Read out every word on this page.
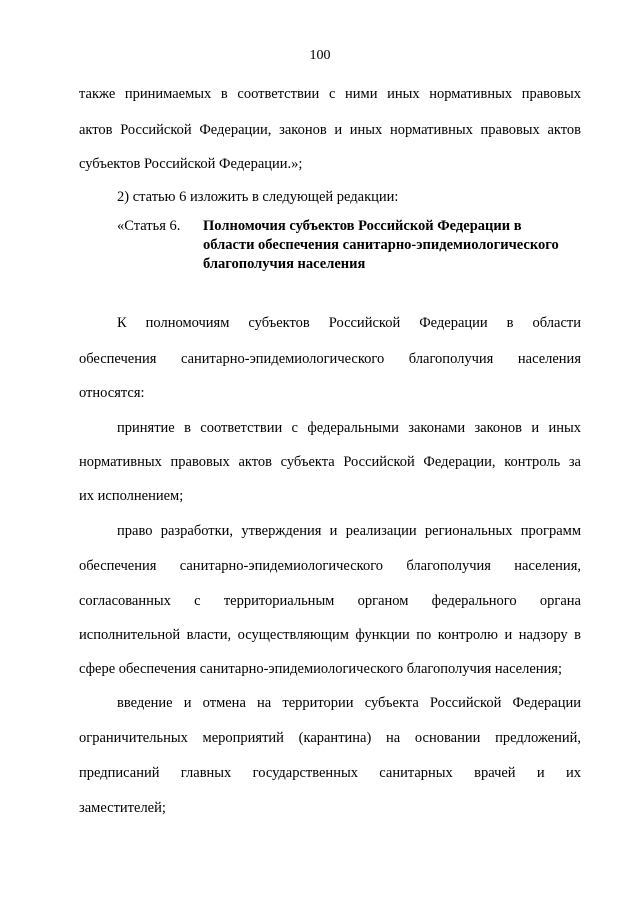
100
также принимаемых в соответствии с ними иных нормативных правовых
актов Российской Федерации, законов и иных нормативных правовых актов
субъектов Российской Федерации.»;
2) статью 6 изложить в следующей редакции:
«Статья 6. Полномочия субъектов Российской Федерации в
области обеспечения санитарно-эпидемиологического
благополучия населения
К полномочиям субъектов Российской Федерации в области
обеспечения санитарно-эпидемиологического благополучия населения
относятся:
принятие в соответствии с федеральными законами законов и иных
нормативных правовых актов субъекта Российской Федерации, контроль за
их исполнением;
право разработки, утверждения и реализации региональных программ
обеспечения санитарно-эпидемиологического благополучия населения,
согласованных с территориальным органом федерального органа
исполнительной власти, осуществляющим функции по контролю и надзору в
сфере обеспечения санитарно-эпидемиологического благополучия населения;
введение и отмена на территории субъекта Российской Федерации
ограничительных мероприятий (карантина) на основании предложений,
предписаний главных государственных санитарных врачей и их
заместителей;
